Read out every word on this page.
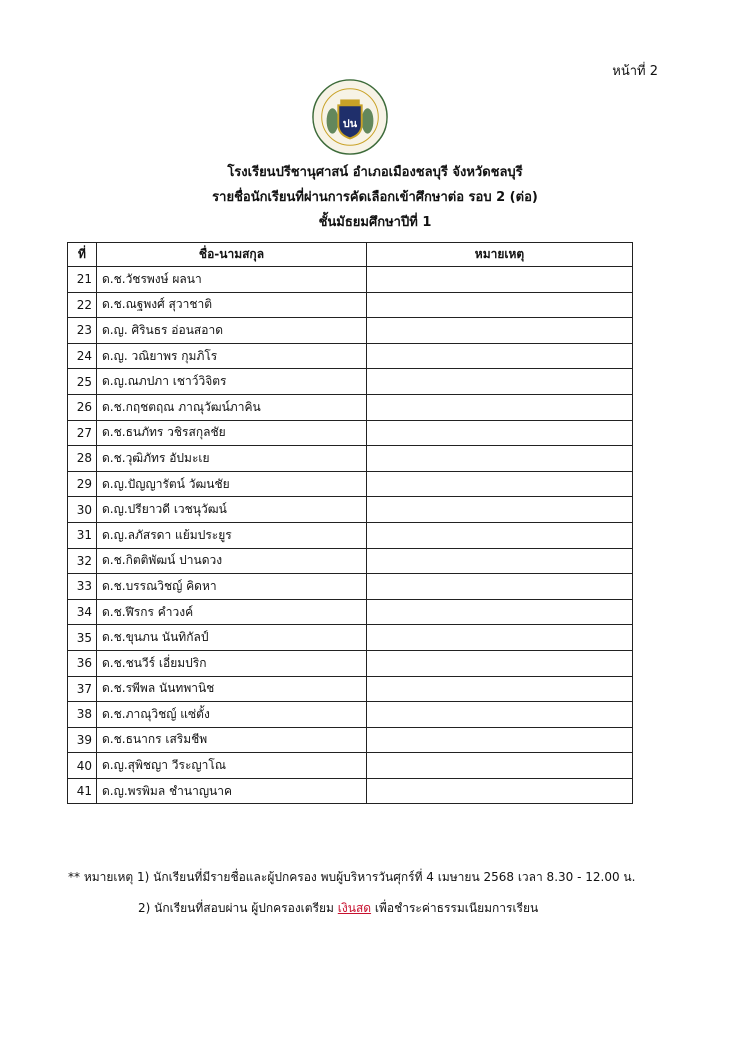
หน้าที่ 2
ปน
โรงเรียนปรีชานุศาสน์ อำเภอเมืองชลบุรี จังหวัดชลบุรี
รายชื่อนักเรียนที่ผ่านการคัดเลือกเข้าศึกษาต่อ รอบ 2 (ต่อ)
ชั้นมัธยมศึกษาปีที่ 1
ที่	ชื่อ-นามสกุล	หมายเหตุ
21	ด.ช.วัชรพงษ์ ผลนา	
22	ด.ช.ณฐพงศ์ สุวาชาติ	
23	ด.ญ. ศิรินธร อ่อนสอาด	
24	ด.ญ. วณิยาพร กุมภิโร	
25	ด.ญ.ณภปภา เชาว์วิจิตร	
26	ด.ช.กฤชตฤณ ภาณุวัฒน์ภาคิน	
27	ด.ช.ธนภัทร วชิรสกุลชัย	
28	ด.ช.วุฒิภัทร อัปมะเย	
29	ด.ญ.ปัญญารัตน์ วัฒนชัย	
30	ด.ญ.ปรียาวดี เวชนุวัฒน์	
31	ด.ญ.ลภัสรดา แย้มประยูร	
32	ด.ช.กิตติพัฒน์ ปานดวง	
33	ด.ช.บรรณวิชญ์ คิดหา	
34	ด.ช.ฬีรกร คำวงค์	
35	ด.ช.ขุนภน นันทิกัลป์	
36	ด.ช.ชนวีร์ เอี่ยมปริก	
37	ด.ช.รพีพล นันทพานิช	
38	ด.ช.ภาณุวิชญ์ แซ่ตั้ง	
39	ด.ช.ธนากร เสริมชีพ	
40	ด.ญ.สุพิชญา วีระญาโณ	
41	ด.ญ.พรพิมล ชำนาญนาค	
** หมายเหตุ 1) นักเรียนที่มีรายชื่อและผู้ปกครอง พบผู้บริหารวันศุกร์ที่ 4 เมษายน 2568 เวลา 8.30 - 12.00 น.
2) นักเรียนที่สอบผ่าน ผู้ปกครองเตรียม เงินสด เพื่อชำระค่าธรรมเนียมการเรียน
